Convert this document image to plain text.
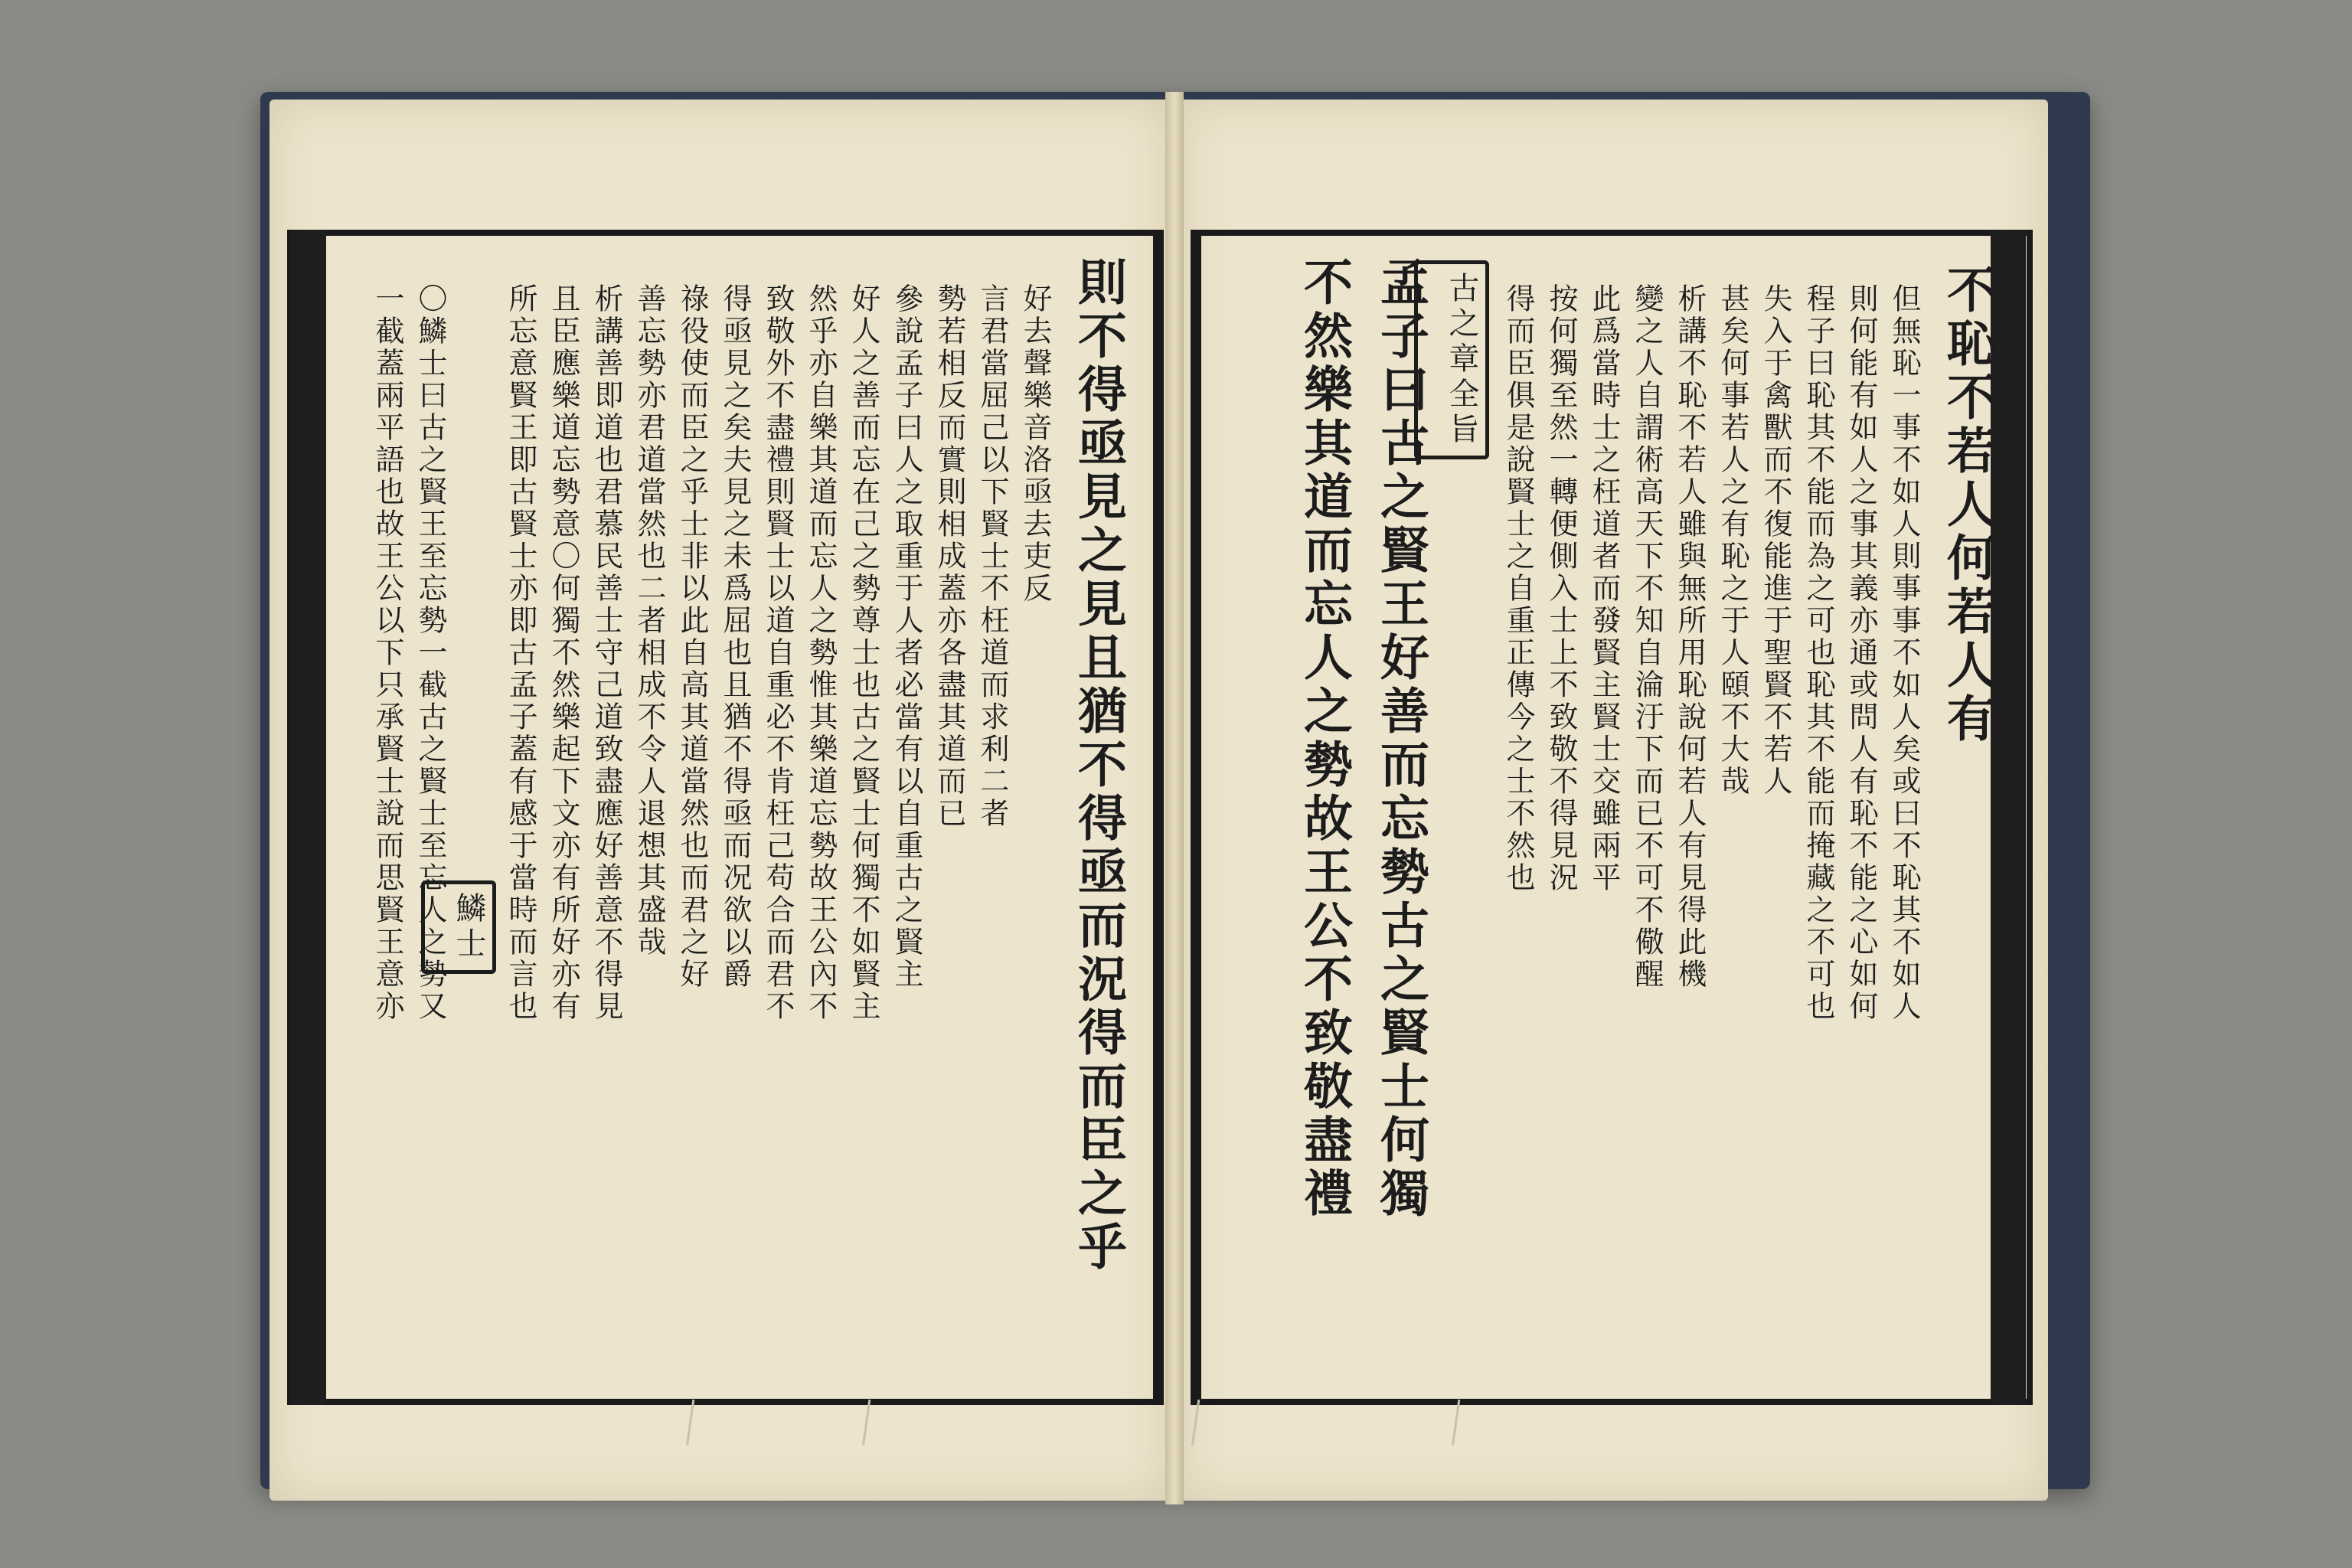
不恥不若人何若人有
但無恥一事不如人則事事不如人矣或曰不恥其不如人
則何能有如人之事其義亦通或問人有恥不能之心如何
程子曰恥其不能而為之可也恥其不能而掩藏之不可也
失入于禽獸而不復能進于聖賢不若人
甚矣何事若人之有恥之于人頤不大哉
析講不恥不若人雖與無所用恥說何若人有見得此機
變之人自謂術高天下不知自淪汙下而已不可不儆醒
此爲當時士之枉道者而發賢主賢士交雖兩平
按何獨至然一轉便側入士上不致敬不得見況
得而臣俱是說賢士之自重正傳今之士不然也
古之章全旨
孟子曰古之賢王好善而忘勢古之賢士何獨
不然樂其道而忘人之勢故王公不致敬盡禮
則不得亟見之見且猶不得亟而況得而臣之乎
好去聲樂音洛亟去吏反
言君當屈己以下賢士不枉道而求利二者
勢若相反而實則相成蓋亦各盡其道而已
參說孟子曰人之取重于人者必當有以自重古之賢主
好人之善而忘在己之勢尊士也古之賢士何獨不如賢主
然乎亦自樂其道而忘人之勢惟其樂道忘勢故王公內不
致敬外不盡禮則賢士以道自重必不肯枉己苟合而君不
得亟見之矣夫見之未爲屈也且猶不得亟而况欲以爵
祿役使而臣之乎士非以此自高其道當然也而君之好
善忘勢亦君道當然也二者相成不令人退想其盛哉
析講善即道也君慕民善士守己道致盡應好善意不得見
且臣應樂道忘勢意〇何獨不然樂起下文亦有所好亦有
所忘意賢王即古賢士亦即古孟子蓋有感于當時而言也
鱗士
〇鱗士曰古之賢王至忘勢一截古之賢士至忘人之勢又
一截蓋兩平語也故王公以下只承賢士說而思賢王意亦
